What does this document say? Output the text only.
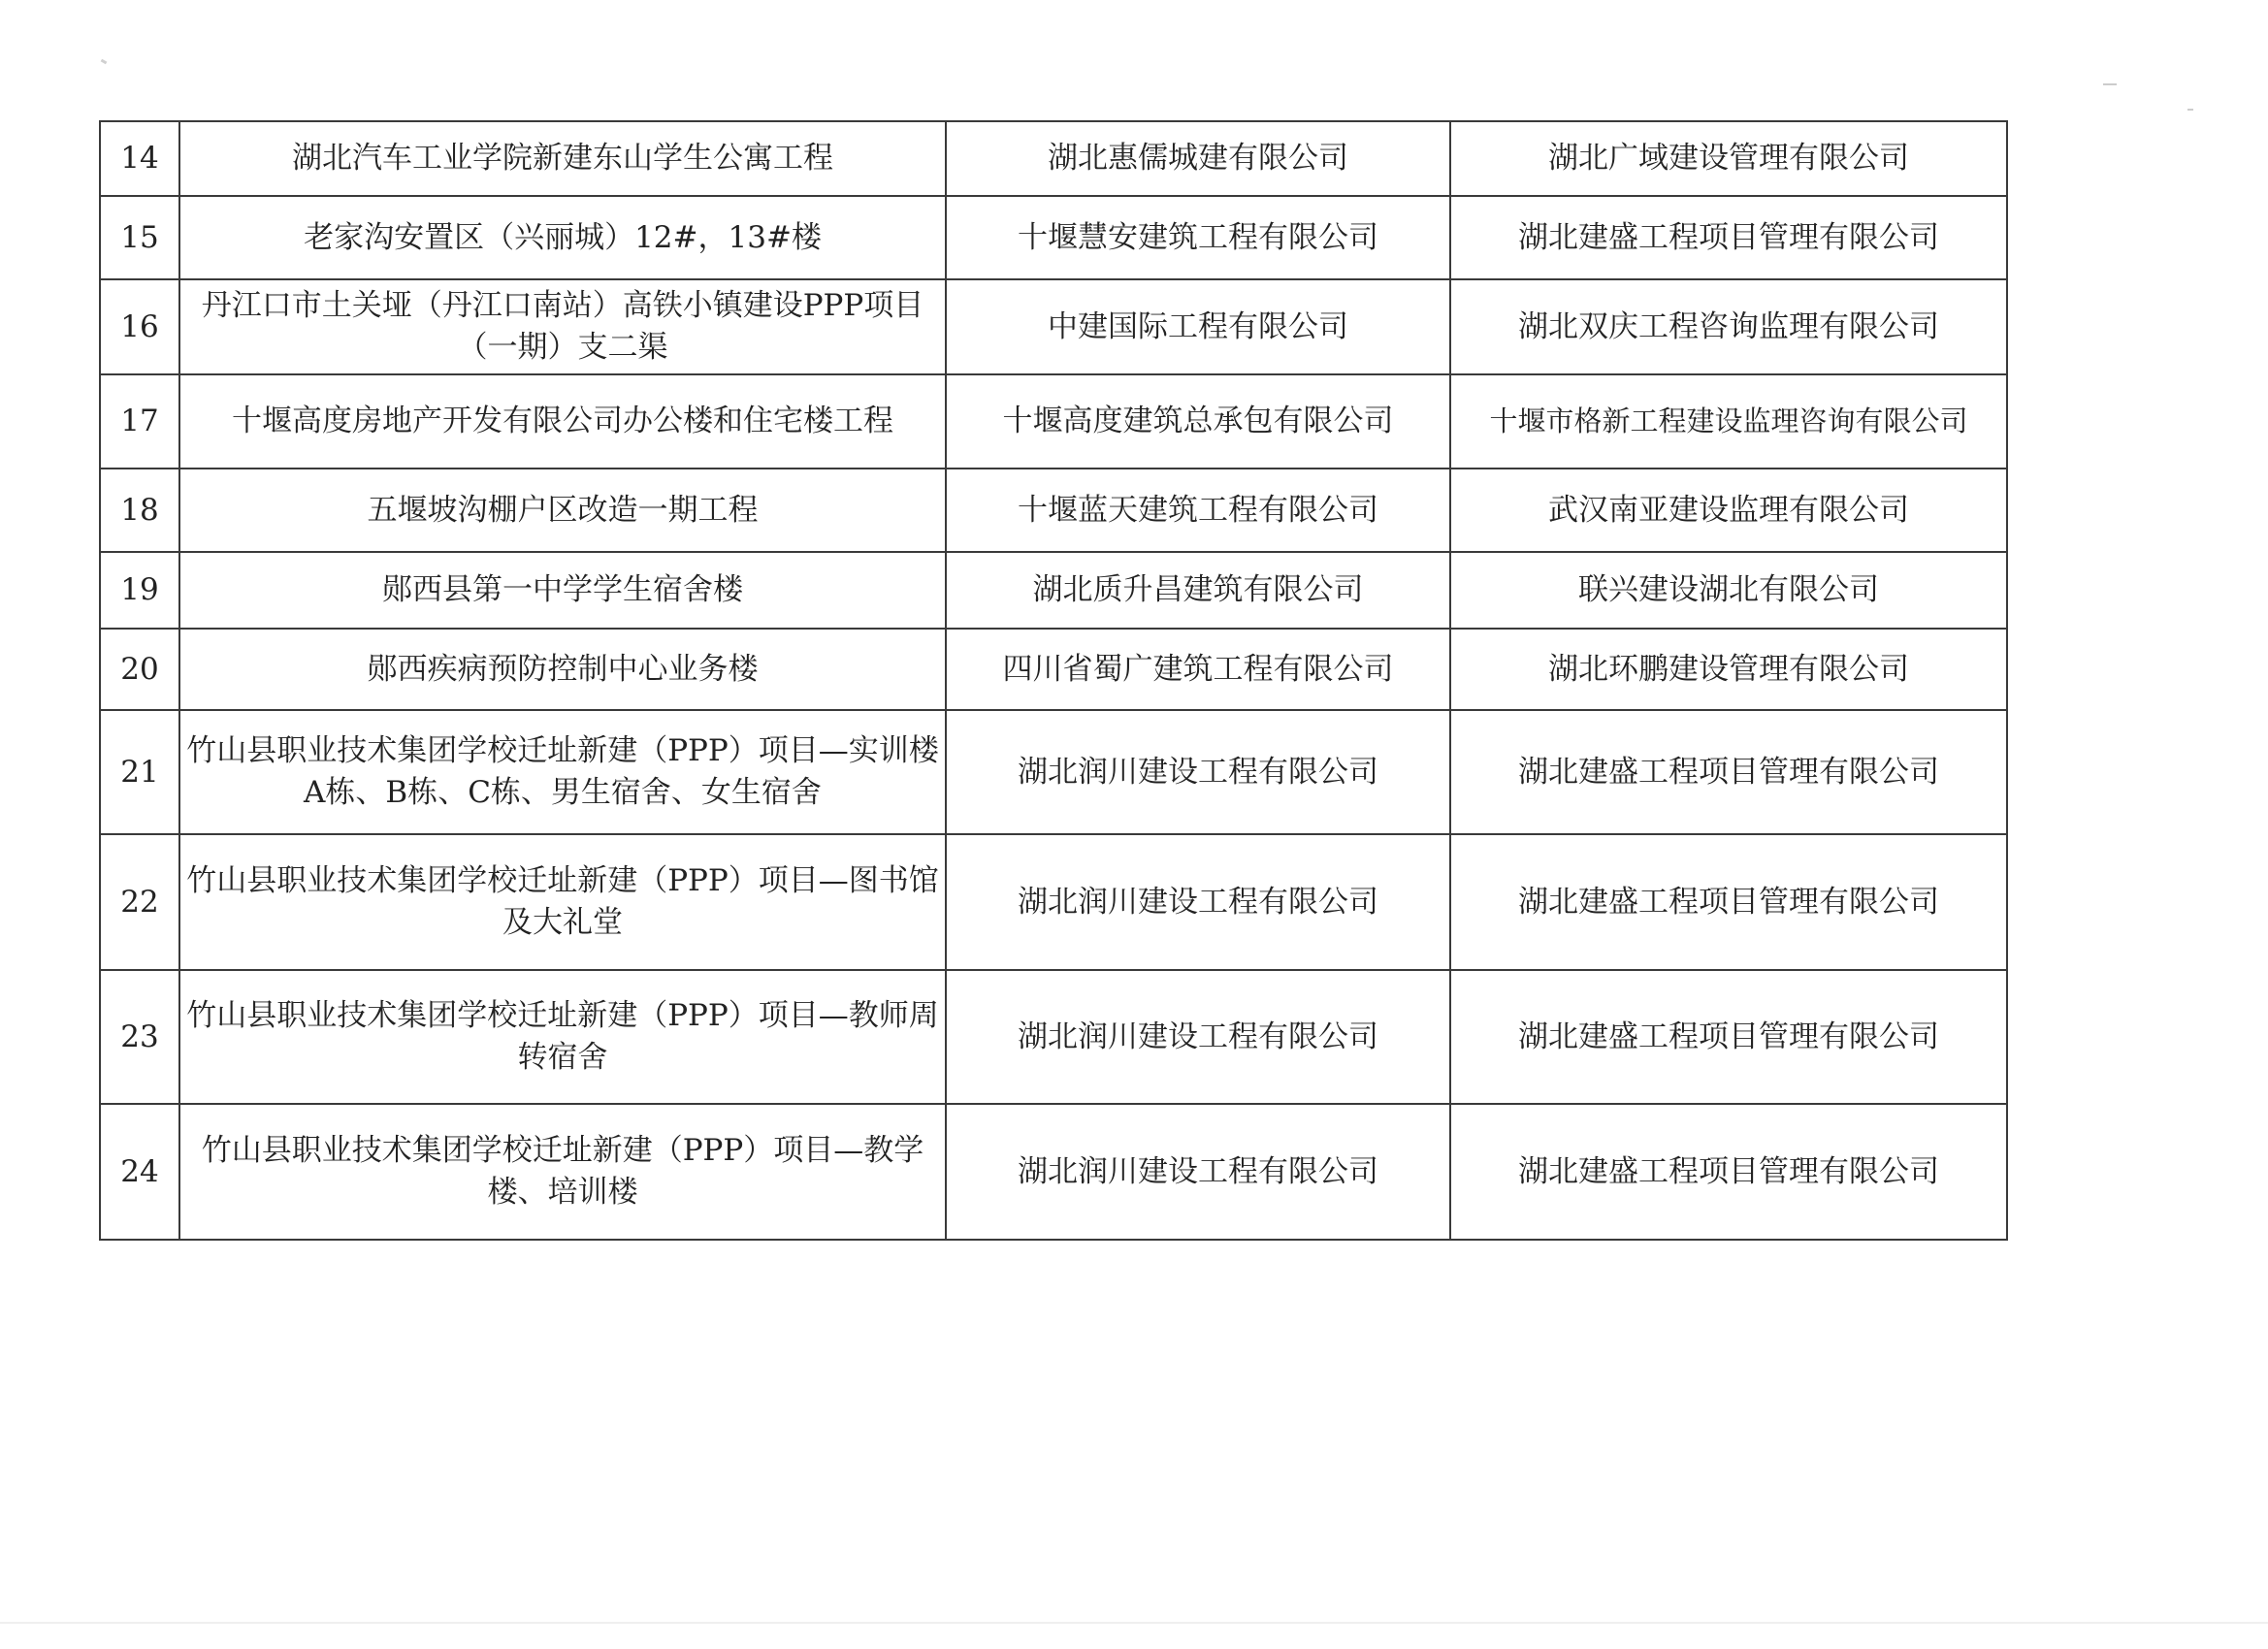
14	湖北汽车工业学院新建东山学生公寓工程	湖北惠儒城建有限公司	湖北广域建设管理有限公司
15	老家沟安置区（兴丽城）12#，13#楼	十堰慧安建筑工程有限公司	湖北建盛工程项目管理有限公司
16	丹江口市土关垭（丹江口南站）高铁小镇建设PPP项目（一期）支二渠	中建国际工程有限公司	湖北双庆工程咨询监理有限公司
17	十堰高度房地产开发有限公司办公楼和住宅楼工程	十堰高度建筑总承包有限公司	十堰市格新工程建设监理咨询有限公司
18	五堰坡沟棚户区改造一期工程	十堰蓝天建筑工程有限公司	武汉南亚建设监理有限公司
19	郧西县第一中学学生宿舍楼	湖北质升昌建筑有限公司	联兴建设湖北有限公司
20	郧西疾病预防控制中心业务楼	四川省蜀广建筑工程有限公司	湖北环鹏建设管理有限公司
21	竹山县职业技术集团学校迁址新建（PPP）项目—实训楼A栋、B栋、C栋、男生宿舍、女生宿舍	湖北润川建设工程有限公司	湖北建盛工程项目管理有限公司
22	竹山县职业技术集团学校迁址新建（PPP）项目—图书馆及大礼堂	湖北润川建设工程有限公司	湖北建盛工程项目管理有限公司
23	竹山县职业技术集团学校迁址新建（PPP）项目—教师周转宿舍	湖北润川建设工程有限公司	湖北建盛工程项目管理有限公司
24	竹山县职业技术集团学校迁址新建（PPP）项目—教学楼、培训楼	湖北润川建设工程有限公司	湖北建盛工程项目管理有限公司
